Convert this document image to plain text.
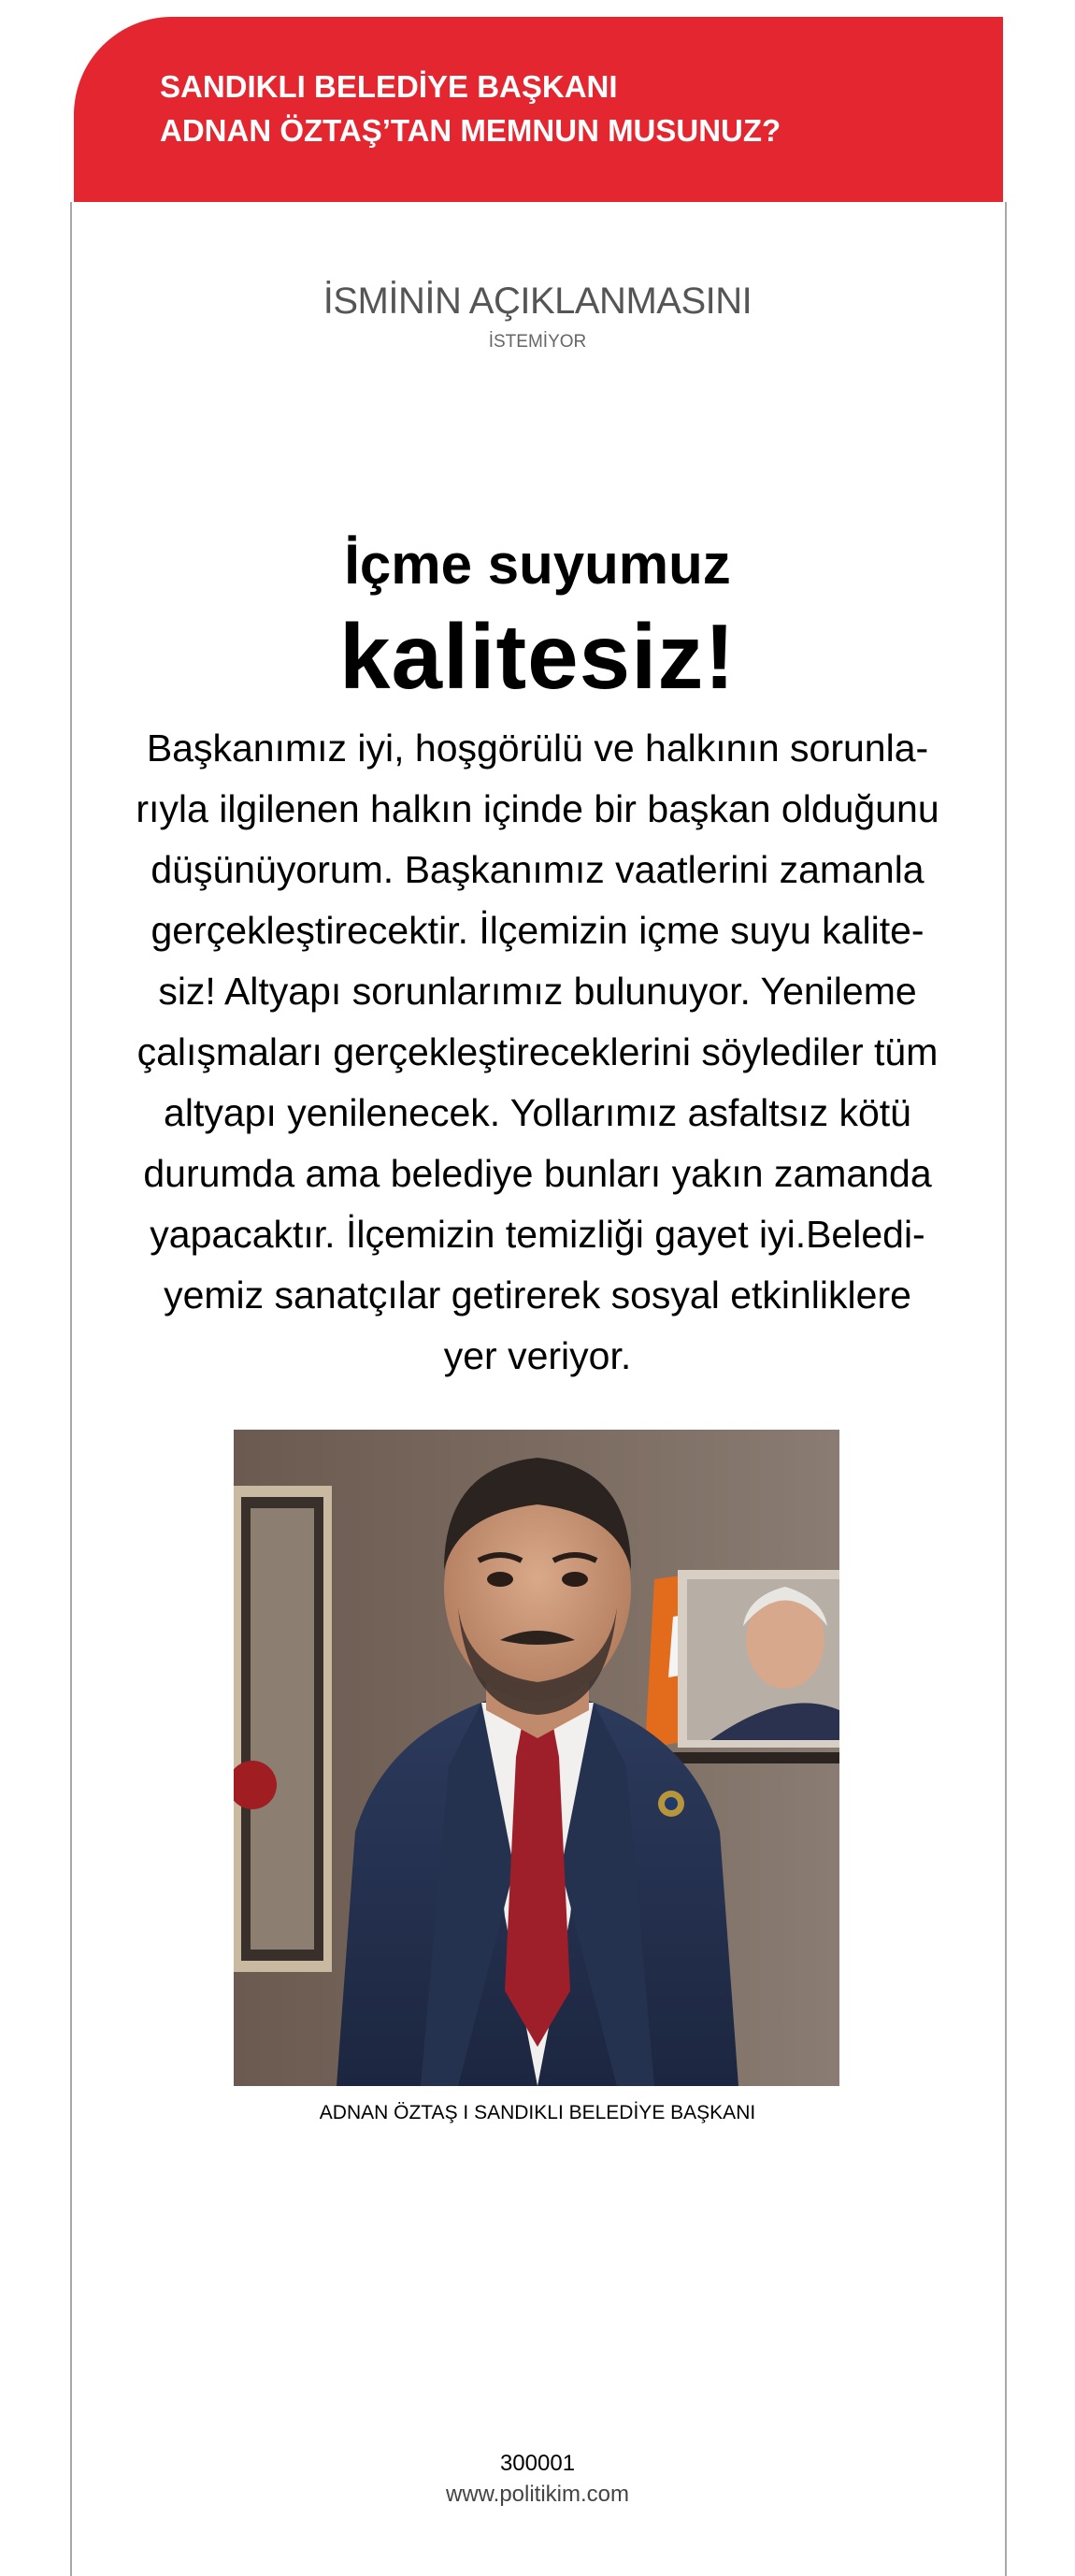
SANDIKLI BELEDİYE BAŞKANI
ADNAN ÖZTAŞ’TAN MEMNUN MUSUNUZ?
İSMİNİN AÇIKLANMASINI
İSTEMİYOR
İçme suyumuz
kalitesiz!
Başkanımız iyi, hoşgörülü ve halkının sorunla-
rıyla ilgilenen halkın içinde bir başkan olduğunu
düşünüyorum. Başkanımız vaatlerini zamanla
gerçekleştirecektir. İlçemizin içme suyu kalite-
siz! Altyapı sorunlarımız bulunuyor. Yenileme
çalışmaları gerçekleştireceklerini söylediler tüm
altyapı yenilenecek. Yollarımız asfaltsız kötü
durumda ama belediye bunları yakın zamanda
yapacaktır. İlçemizin temizliği gayet iyi.Beledi-
yemiz sanatçılar getirerek sosyal etkinliklere
yer veriyor.
ADNAN ÖZTAŞ I SANDIKLI BELEDİYE BAŞKANI
300001
www.politikim.com
